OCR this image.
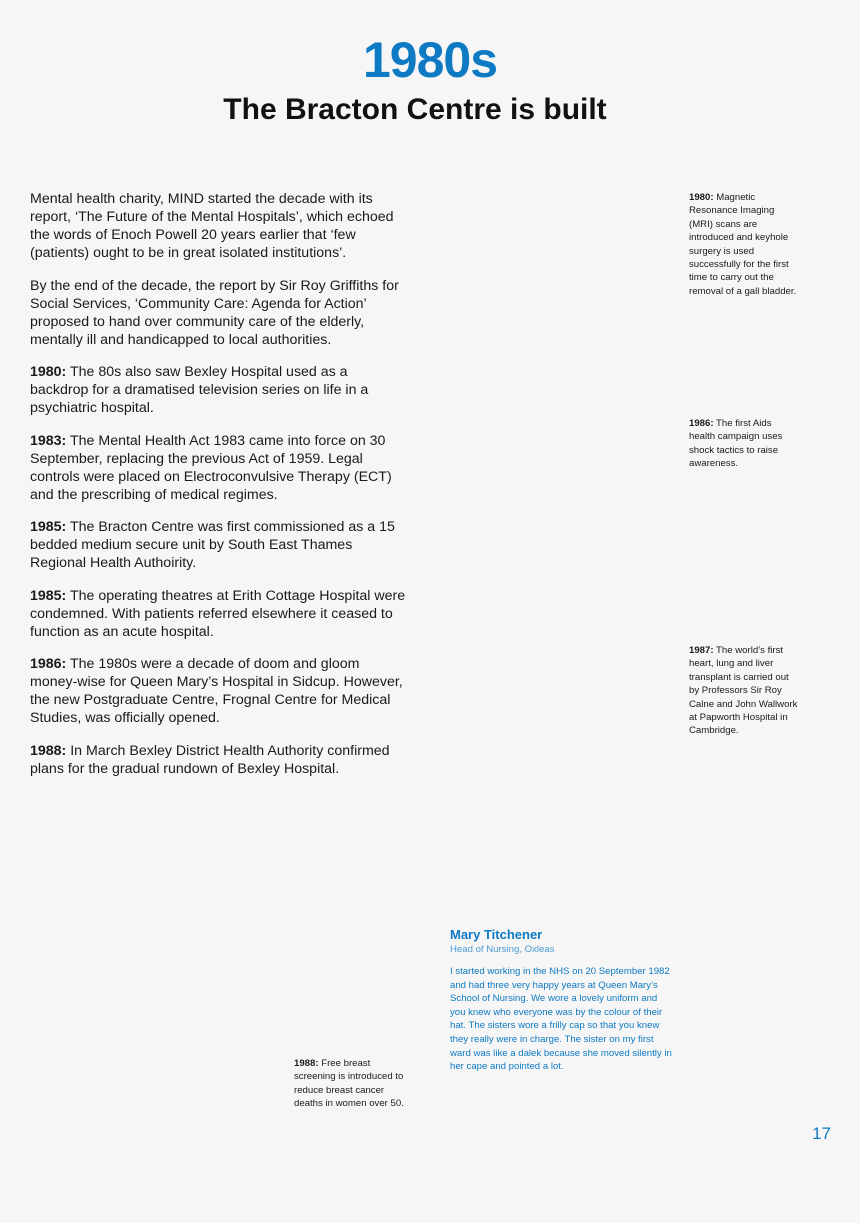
1980s
The Bracton Centre is built

Mental health charity, MIND started the decade with its report, ‘The Future of the Mental Hospitals’, which echoed the words of Enoch Powell 20 years earlier that ‘few (patients) ought to be in great isolated institutions’.

By the end of the decade, the report by Sir Roy Griffiths for Social Services, ‘Community Care: Agenda for Action’ proposed to hand over community care of the elderly, mentally ill and handicapped to local authorities.

1980: The 80s also saw Bexley Hospital used as a backdrop for a dramatised television series on life in a psychiatric hospital.

1983: The Mental Health Act 1983 came into force on 30 September, replacing the previous Act of 1959. Legal controls were placed on Electroconvulsive Therapy (ECT) and the prescribing of medical regimes.

1985: The Bracton Centre was first commissioned as a 15 bedded medium secure unit by South East Thames Regional Health Authoirity.

1985: The operating theatres at Erith Cottage Hospital were condemned. With patients referred elsewhere it ceased to function as an acute hospital.

1986: The 1980s were a decade of doom and gloom money-wise for Queen Mary’s Hospital in Sidcup. However, the new Postgraduate Centre, Frognal Centre for Medical Studies, was officially opened.

1988: In March Bexley District Health Authority confirmed plans for the gradual rundown of Bexley Hospital.

1980: Magnetic Resonance Imaging (MRI) scans are introduced and keyhole surgery is used successfully for the first time to carry out the removal of a gall bladder.
1986: The first Aids health campaign uses shock tactics to raise awareness.
1987: The world’s first heart, lung and liver transplant is carried out by Professors Sir Roy Calne and John Wallwork at Papworth Hospital in Cambridge.
1988: Free breast screening is introduced to reduce breast cancer deaths in women over 50.
Mary Titchener
Head of Nursing, Oxleas
I started working in the NHS on 20 September 1982 and had three very happy years at Queen Mary’s School of Nursing. We wore a lovely uniform and you knew who everyone was by the colour of their hat. The sisters wore a frilly cap so that you knew they really were in charge. The sister on my first ward was like a dalek because she moved silently in her cape and pointed a lot.
17
